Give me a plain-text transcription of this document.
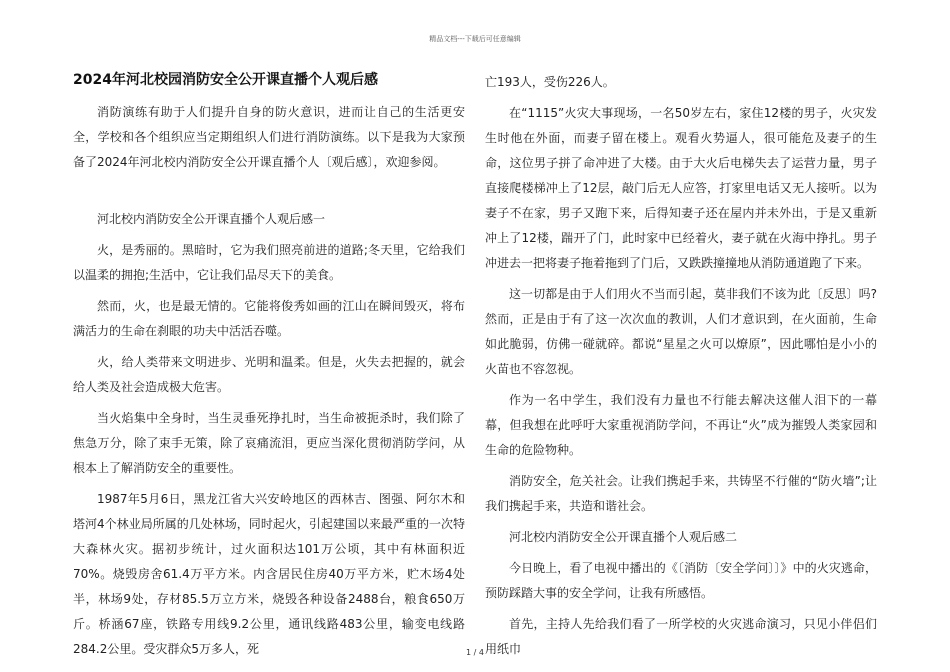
精品文档---下载后可任意编辑
2024年河北校园消防安全公开课直播个人观后感

消防演练有助于人们提升自身的防火意识，进而让自己的生活更安全，学校和各个组织应当定期组织人们进行消防演练。以下是我为大家预备了2024年河北校内消防安全公开课直播个人〔观后感〕，欢迎参阅。

河北校内消防安全公开课直播个人观后感一

火，是秀丽的。黑暗时，它为我们照亮前进的道路;冬天里，它给我们以温柔的拥抱;生活中，它让我们品尽天下的美食。

然而，火，也是最无情的。它能将俊秀如画的江山在瞬间毁灭，将布满活力的生命在刹眼的功夫中活活吞噬。

火，给人类带来文明进步、光明和温柔。但是，火失去把握的，就会给人类及社会造成极大危害。

当火焰集中全身时，当生灵垂死挣扎时，当生命被扼杀时，我们除了焦急万分，除了束手无策，除了哀痛流泪，更应当深化贯彻消防学问，从根本上了解消防安全的重要性。

1987年5月6日，黑龙江省大兴安岭地区的西林吉、图强、阿尔木和塔河4个林业局所属的几处林场，同时起火，引起建国以来最严重的一次特大森林火灾。据初步统计，过火面积达101万公顷，其中有林面积近70%。烧毁房舍61.4万平方米。内含居民住房40万平方米，贮木场4处半，林场9处，存材85.5万立方米，烧毁各种设备2488台，粮食650万斤。桥涵67座，铁路专用线9.2公里，通讯线路483公里，输变电线路284.2公里。受灾群众5万多人，死

亡193人，受伤226人。

在“1115”火灾大事现场，一名50岁左右，家住12楼的男子，火灾发生时他在外面，而妻子留在楼上。观看火势逼人，很可能危及妻子的生命，这位男子拼了命冲进了大楼。由于大火后电梯失去了运营力量，男子直接爬楼梯冲上了12层，敲门后无人应答，打家里电话又无人接听。以为妻子不在家，男子又跑下来，后得知妻子还在屋内并未外出，于是又重新冲上了12楼，踹开了门，此时家中已经着火，妻子就在火海中挣扎。男子冲进去一把将妻子拖着拖到了门后，又跌跌撞撞地从消防通道跑了下来。

这一切都是由于人们用火不当而引起，莫非我们不该为此〔反思〕吗?然而，正是由于有了这一次次血的教训，人们才意识到，在火面前，生命如此脆弱，仿佛一碰就碎。都说“星星之火可以燎原”，因此哪怕是小小的火苗也不容忽视。

作为一名中学生，我们没有力量也不行能去解决这催人泪下的一幕幕，但我想在此呼吁大家重视消防学问，不再让“火”成为摧毁人类家园和生命的危险物种。

消防安全，危关社会。让我们携起手来，共铸坚不行催的“防火墙”;让我们携起手来，共造和谐社会。

河北校内消防安全公开课直播个人观后感二

今日晚上，看了电视中播出的《〔消防〔安全学问〕〕》中的火灾逃命，预防踩踏大事的安全学问，让我有所感悟。

首先，主持人先给我们看了一所学校的火灾逃命演习，只见小伴侣们用纸巾

1 / 4
